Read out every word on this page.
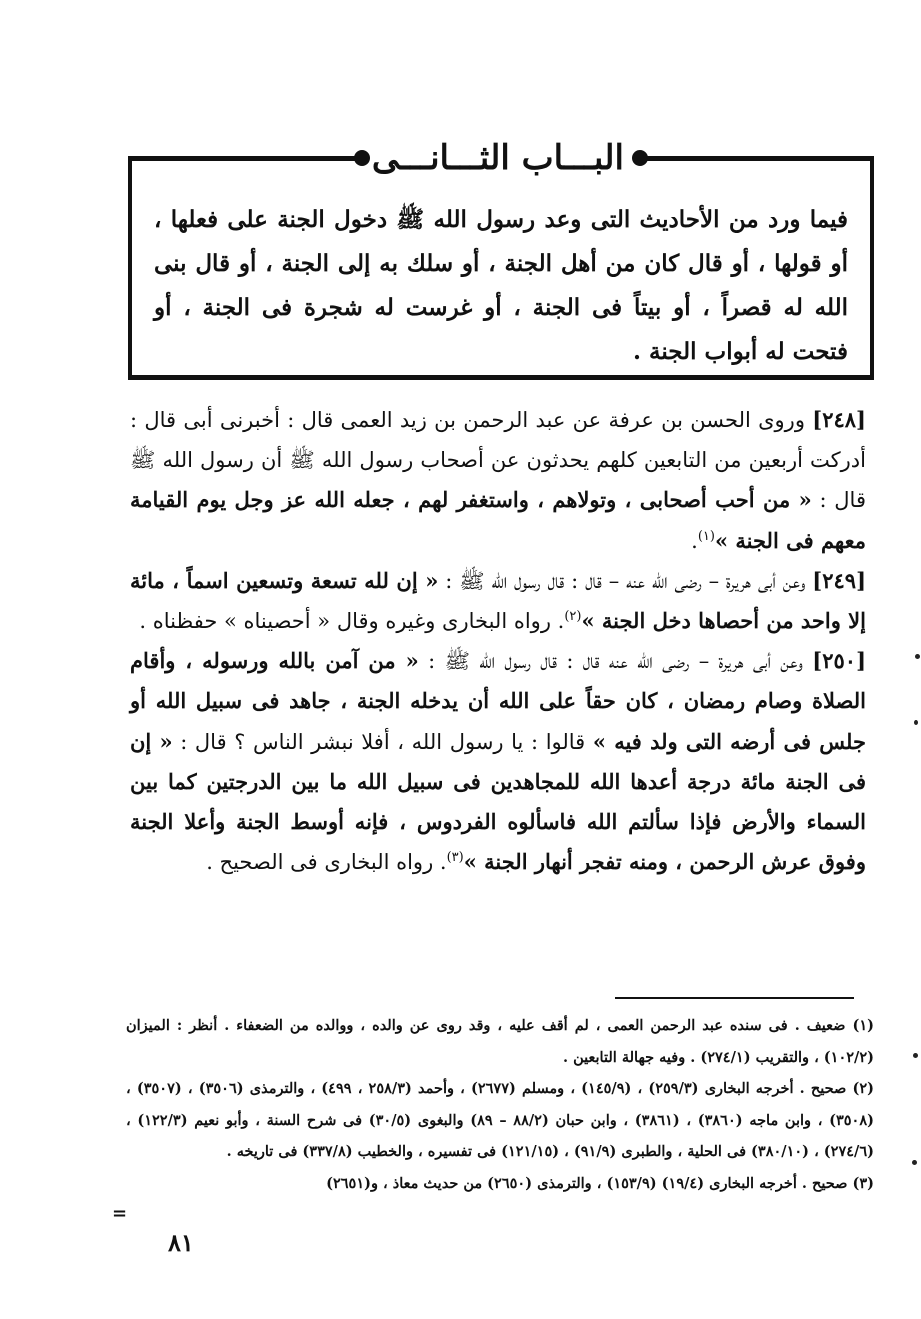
البـــاب الثـــانـــى
فيما ورد من الأحاديث التى وعد رسول الله ﷺ دخول الجنة على فعلها ، أو قولها ، أو قال كان من أهل الجنة ، أو سلك به إلى الجنة ، أو قال بنى الله له قصراً ، أو بيتاً فى الجنة ، أو غرست له شجرة فى الجنة ، أو فتحت له أبواب الجنة .

[٢٤٨] وروى الحسن بن عرفة عن عبد الرحمن بن زيد العمى قال : أخبرنى أبى قال : أدركت أربعين من التابعين كلهم يحدثون عن أصحاب رسول الله ﷺ أن رسول الله ﷺ قال : « من أحب أصحابى ، وتولاهم ، واستغفر لهم ، جعله الله عز وجل يوم القيامة معهم فى الجنة »$^{(١)}$.

[٢٤٩] وعن أبى هريرة – رضى الله عنه – قال : قال رسول الله ﷺ : « إن لله تسعة وتسعين اسماً ، مائة إلا واحد من أحصاها دخل الجنة »$^{(٢)}$. رواه البخارى وغيره وقال « أحصيناه » حفظناه .

[٢٥٠] وعن أبى هريرة – رضى الله عنه قال : قال رسول الله ﷺ : « من آمن بالله ورسوله ، وأقام الصلاة وصام رمضان ، كان حقاً على الله أن يدخله الجنة ، جاهد فى سبيل الله أو جلس فى أرضه التى ولد فيه » قالوا : يا رسول الله ، أفلا نبشر الناس ؟ قال : « إن فى الجنة مائة درجة أعدها الله للمجاهدين فى سبيل الله ما بين الدرجتين كما بين السماء والأرض فإذا سألتم الله فاسألوه الفردوس ، فإنه أوسط الجنة وأعلا الجنة وفوق عرش الرحمن ، ومنه تفجر أنهار الجنة »$^{(٣)}$. رواه البخارى فى الصحيح .

(١) ضعيف . فى سنده عبد الرحمن العمى ، لم أقف عليه ، وقد روى عن والده ، ووالده من الضعفاء . أنظر : الميزان (١٠٢/٢) ، والتقريب (٢٧٤/١) . وفيه جهالة التابعين .

(٢) صحيح . أخرجه البخارى (٢٥٩/٣) ، (١٤٥/٩) ، ومسلم (٢٦٧٧) ، وأحمد (٢٥٨/٣ ، ٤٩٩) ، والترمذى (٣٥٠٦) ، (٣٥٠٧) ، (٣٥٠٨) ، وابن ماجه (٣٨٦٠) ، (٣٨٦١) ، وابن حبان (٨٨/٢ – ٨٩) والبغوى (٣٠/٥) فى شرح السنة ، وأبو نعيم (١٢٢/٣) ، (٢٧٤/٦) ، (٣٨٠/١٠) فى الحلية ، والطبرى (٩١/٩) ، (١٢١/١٥) فى تفسيره ، والخطيب (٣٣٧/٨) فى تاريخه .

(٣) صحيح . أخرجه البخارى (١٩/٤) (١٥٣/٩) ، والترمذى (٢٦٥٠) من حديث معاذ ، و(٢٦٥١)

=
٨١
